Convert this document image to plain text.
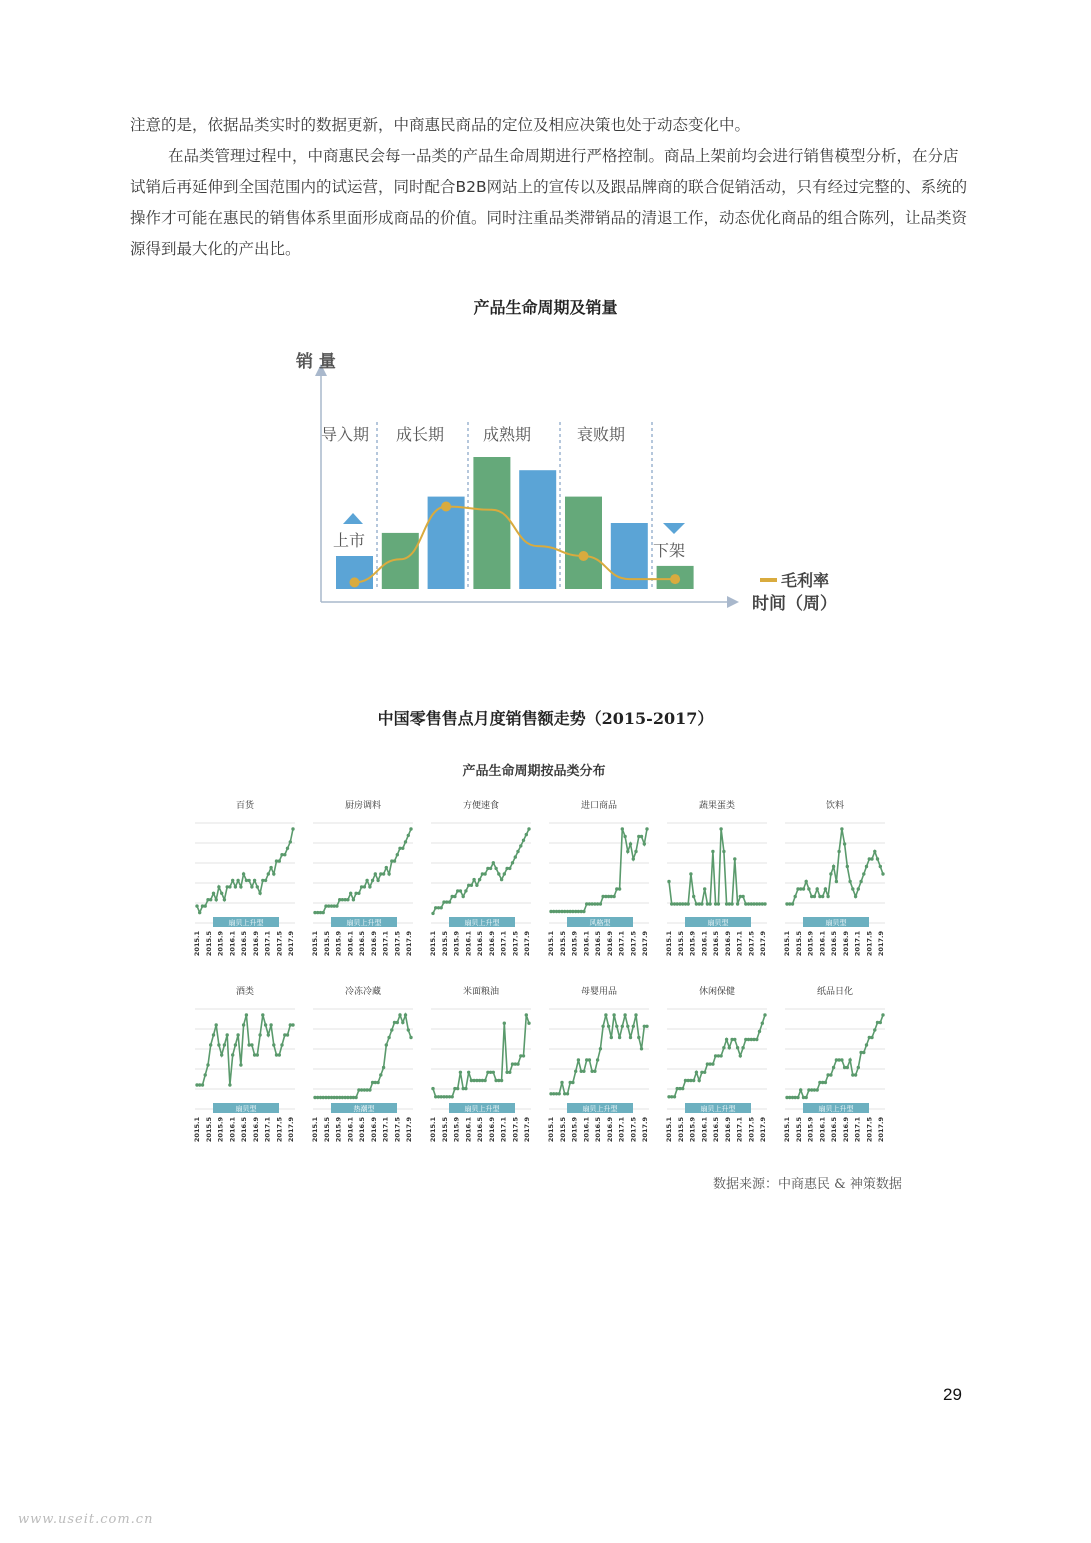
注意的是，依据品类实时的数据更新，中商惠民商品的定位及相应决策也处于动态变化中。

在品类管理过程中，中商惠民会每一品类的产品生命周期进行严格控制。商品上架前均会进行销售模型分析，在分店试销后再延伸到全国范围内的试运营，同时配合B2B网站上的宣传以及跟品牌商的联合促销活动，只有经过完整的、系统的操作才可能在惠民的销售体系里面形成商品的价值。同时注重品类滞销品的清退工作，动态优化商品的组合陈列，让品类资源得到最大化的产出比。

产品生命周期及销量
销 量
时间（周）
导入期 成长期 成熟期	衰败期
上市
下架
毛利率
中国零售售点月度销售额走势（2015-2017）
产品生命周期按品类分布
百货
扇贝上升型
2015.1 2015.5 2015.9 2016.1 2016.5 2016.9 2017.1 2017.5 2017.9
厨房调料
扇贝上升型
2015.1 2015.5 2015.9 2016.1 2016.5 2016.9 2017.1 2017.5 2017.9
方便速食
扇贝上升型
2015.1 2015.5 2015.9 2016.1 2016.5 2016.9 2017.1 2017.5 2017.9
进口商品
风格型
2015.1 2015.5 2015.9 2016.1 2016.5 2016.9 2017.1 2017.5 2017.9
蔬果蛋类
扇贝型
2015.1 2015.5 2015.9 2016.1 2016.5 2016.9 2017.1 2017.5 2017.9
饮料
扇贝型
2015.1 2015.5 2015.9 2016.1 2016.5 2016.9 2017.1 2017.5 2017.9
酒类
扇贝型
2015.1 2015.5 2015.9 2016.1 2016.5 2016.9 2017.1 2017.5 2017.9
冷冻冷藏
热潮型
2015.1 2015.5 2015.9 2016.1 2016.5 2016.9 2017.1 2017.5 2017.9
米面粮油
扇贝上升型
2015.1 2015.5 2015.9 2016.1 2016.5 2016.9 2017.1 2017.5 2017.9
母婴用品
扇贝上升型
2015.1 2015.5 2015.9 2016.1 2016.5 2016.9 2017.1 2017.5 2017.9
休闲保健
扇贝上升型
2015.1 2015.5 2015.9 2016.1 2016.5 2016.9 2017.1 2017.5 2017.9
纸品日化
扇贝上升型
2015.1 2015.5 2015.9 2016.1 2016.5 2016.9 2017.1 2017.5 2017.9
数据来源：中商惠民 & 神策数据
29
www.useit.com.cn
